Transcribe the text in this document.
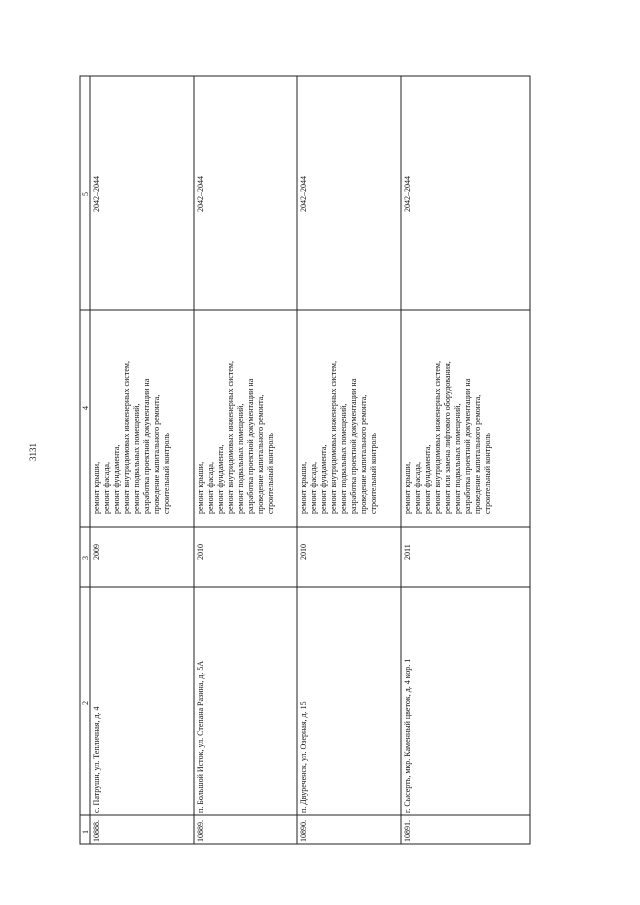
3131
1
2
3
4
5
10888.
с. Патрушн, ул. Тепличная, д. 4
2009
ремонт крыши, ремонт фасада, ремонт фундамента, ремонт внутридомовых инженерных систем, ремонт подвальных помещений, разработка проектной документации на проведение капитального ремонта, строительный контроль
2042–2044
10889.
п. Большой Исток, ул. Степана Разина, д. 5А
2010
ремонт крыши, ремонт фасада, ремонт фундамента, ремонт внутридомовых инженерных систем, ремонт подвальных помещений, разработка проектной документации на проведение капитального ремонта, строительный контроль
2042–2044
10890.
п. Двуреченск, ул. Озерная, д. 15
2010
ремонт крыши, ремонт фасада, ремонт фундамента, ремонт внутридомовых инженерных систем, ремонт подвальных помещений, разработка проектной документации на проведение капитального ремонта, строительный контроль
2042–2044
10891.
г. Сысерть, мкр. Каменный цветок, д. 4 кор. 1
2011
ремонт крыши, ремонт фасада, ремонт фундамента, ремонт внутридомовых инженерных систем, ремонт или замена лифтового оборудования, ремонт подвальных помещений, разработка проектной документации на проведение капитального ремонта, строительный контроль
2042–2044
